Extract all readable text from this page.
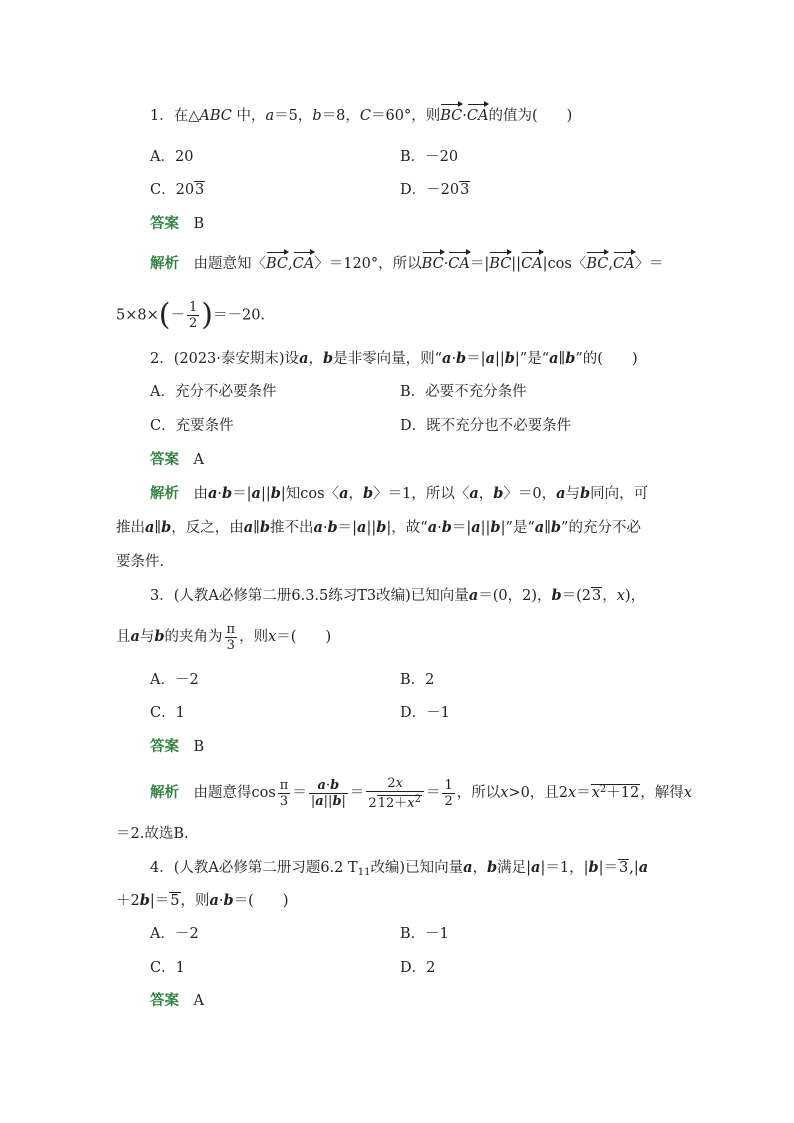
1．在△ABC 中，a＝5，b＝8，C＝60°，则BC·CA的值为(　　)
A．20	B．－20
C．203	D．－203
答案　 B
解析　由题意知〈BC,CA〉＝120°，所以BC·CA＝|BC||CA|cos〈BC,CA〉＝
$5\times 8\times(- \frac{1}{2} )=-20$.
2．(2023·泰安期末)设a，b是非零向量，则“a·b＝|a||b|”是“a∥b”的(　　)
A．充分不必要条件	B．必要不充分条件
C．充要条件	D．既不充分也不必要条件
答案　 A
解析　由a·b＝|a||b|知cos〈a，b〉＝1，所以〈a，b〉＝0，a与b同向，可
推出a∥b，反之，由a∥b推不出a·b＝|a||b|，故“a·b＝|a||b|”是“a∥b”的充分不必
要条件．
3．(人教A必修第二册6.3.5练习T3改编)已知向量a＝(0，2)，b＝(23，x)，
且a与b的夹角为 $\frac{\pi}{3}$ ，则x＝(　　)
A．－2	B．2
C．1	D．－1
答案　 B
解析　由题意得$\cos \frac{\pi}{3} = \frac{a\cdot b}{|a||b|} = \frac{2x}{212+x^2} = \frac{1}{2}$ ，所以x>0，且$2x=x^2+12$，解得x
＝2.故选B.
4．(人教A必修第二册习题6.2 $T_{11}$改编)已知向量a，b满足|a|＝1，|b|＝3,|a
＋2b|＝5，则a·b＝(　　)
A．－2	B．－1
C．1	D．2
答案　 A
